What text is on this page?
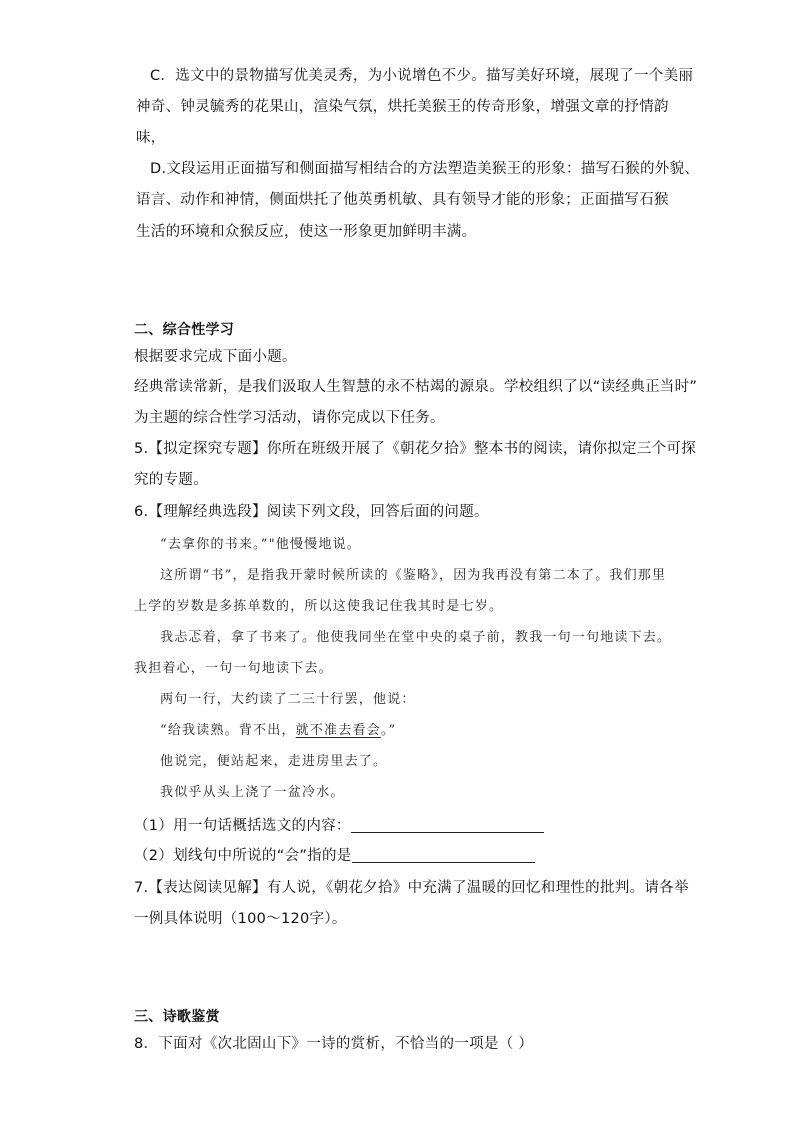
C．选文中的景物描写优美灵秀，为小说增色不少。描写美好环境，展现了一个美丽
神奇、钟灵毓秀的花果山，渲染气氛，烘托美猴王的传奇形象，增强文章的抒情韵
味，
D.文段运用正面描写和侧面描写相结合的方法塑造美猴王的形象：描写石猴的外貌、
语言、动作和神情，侧面烘托了他英勇机敏、具有领导才能的形象；正面描写石猴
生活的环境和众猴反应，使这一形象更加鲜明丰满。
二、综合性学习
根据要求完成下面小题。
经典常读常新，是我们汲取人生智慧的永不枯竭的源泉。学校组织了以“读经典正当时”
为主题的综合性学习活动，请你完成以下任务。
5.【拟定探究专题】你所在班级开展了《朝花夕拾》整本书的阅读，请你拟定三个可探
究的专题。
6.【理解经典选段】阅读下列文段，回答后面的问题。
“去拿你的书来。”"他慢慢地说。
这所谓“书”，是指我开蒙时候所读的《鉴略》，因为我再没有第二本了。我们那里
上学的岁数是多拣单数的，所以这使我记住我其时是七岁。
我忐忑着，拿了书来了。他使我同坐在堂中央的桌子前，教我一句一句地读下去。
我担着心，一句一句地读下去。
两句一行，大约读了二三十行罢，他说：
“给我读熟。背不出，就不准去看会。”
他说完，便站起来，走进房里去了。
我似乎从头上浇了一盆冷水。
（1）用一句话概括选文的内容：
（2）划线句中所说的“会”指的是
7.【表达阅读见解】有人说，《朝花夕拾》中充满了温暖的回忆和理性的批判。请各举
一例具体说明（100～120字）。
三、诗歌鉴赏
8．下面对《次北固山下》一诗的赏析，不恰当的一项是（ ）
